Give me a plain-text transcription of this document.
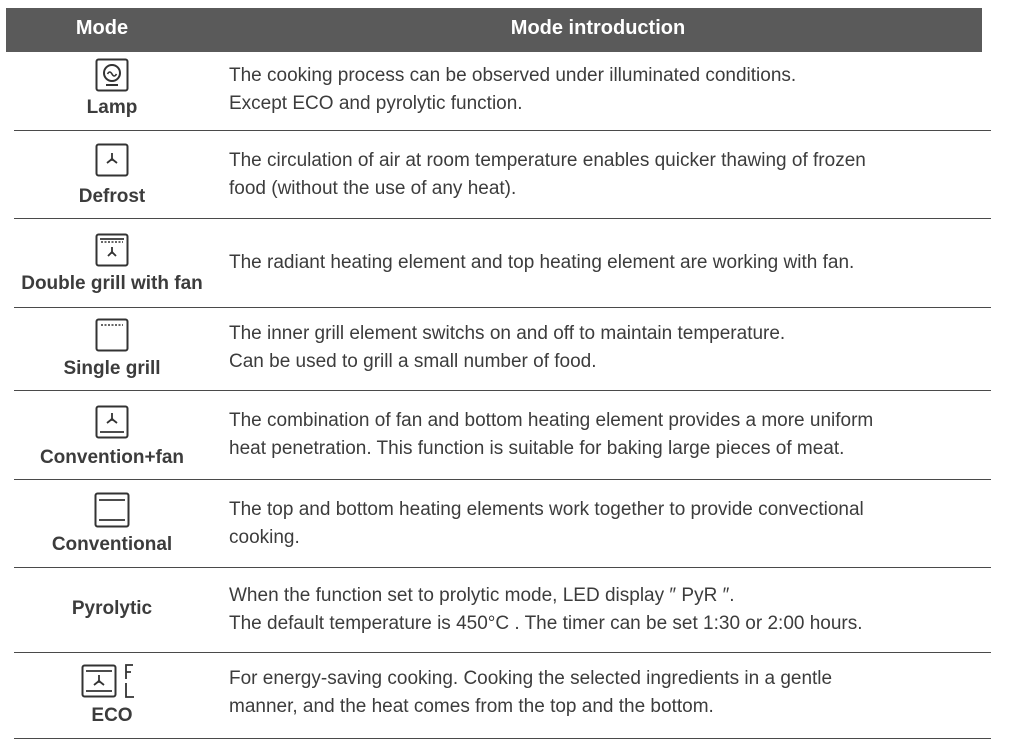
Mode	Mode introduction
Lamp
The cooking process can be observed under illuminated conditions.
Except ECO and pyrolytic function.
Defrost
The circulation of air at room temperature enables quicker thawing of frozen
food (without the use of any heat).
Double grill with fan
The radiant heating element and top heating element are working with fan.
Single grill
The inner grill element switchs on and off to maintain temperature.
Can be used to grill a small number of food.
Convention+fan
The combination of fan and bottom heating element provides a more uniform
heat penetration. This function is suitable for baking large pieces of meat.
Conventional
The top and bottom heating elements work together to provide convectional
cooking.
Pyrolytic
When the function set to prolytic mode, LED display ″ PyR ″.
The default temperature is 450°C . The timer can be set 1:30 or 2:00 hours.
ECO
For energy-saving cooking. Cooking the selected ingredients in a gentle
manner, and the heat comes from the top and the bottom.
